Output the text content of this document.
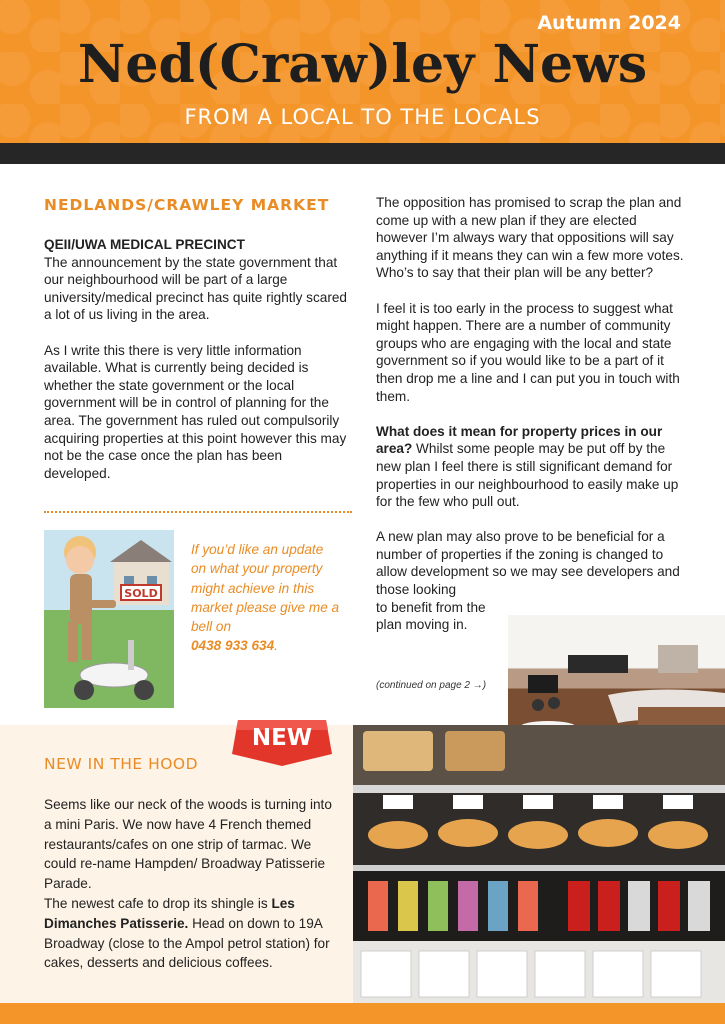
Autumn 2024
Ned(Craw)ley News
FROM A LOCAL TO THE LOCALS
NEDLANDS/CRAWLEY MARKET
QEII/UWA MEDICAL PRECINCT

The announcement by the state government that our neighbourhood will be part of a large university/medical precinct has quite rightly scared a lot of us living in the area.

As I write this there is very little information available. What is currently being decided is whether the state government or the local government will be in control of planning for the area. The government has ruled out compulsorily acquiring properties at this point however this may not be the case once the plan has been developed.

The opposition has promised to scrap the plan and come up with a new plan if they are elected however I’m always wary that oppositions will say anything if it means they can win a few more votes. Who’s to say that their plan will be any better?

I feel it is too early in the process to suggest what might happen. There are a number of community groups who are engaging with the local and state government so if you would like to be a part of it then drop me a line and I can put you in touch with them.

What does it mean for property prices in our area? Whilst some people may be put off by the new plan I feel there is still significant demand for properties in our neighbourhood to easily make up for the few who pull out.

A new plan may also prove to be beneficial for a number of properties if the zoning is changed to allow development so we may see developers and those looking

to benefit from the
plan moving in.
(continued on page 2 →)
SOLD
If you’d like an update on what your property might achieve in this market please give me a bell on
0438 933 634.
NEW
NEW IN THE HOOD
Seems like our neck of the woods is turning into a mini Paris. We now have 4 French themed restaurants/cafes on one strip of tarmac. We could re-name Hampden/ Broadway Patisserie Parade.
The newest cafe to drop its shingle is Les Dimanches Patisserie. Head on down to 19A Broadway (close to the Ampol petrol station) for cakes, desserts and delicious coffees.
